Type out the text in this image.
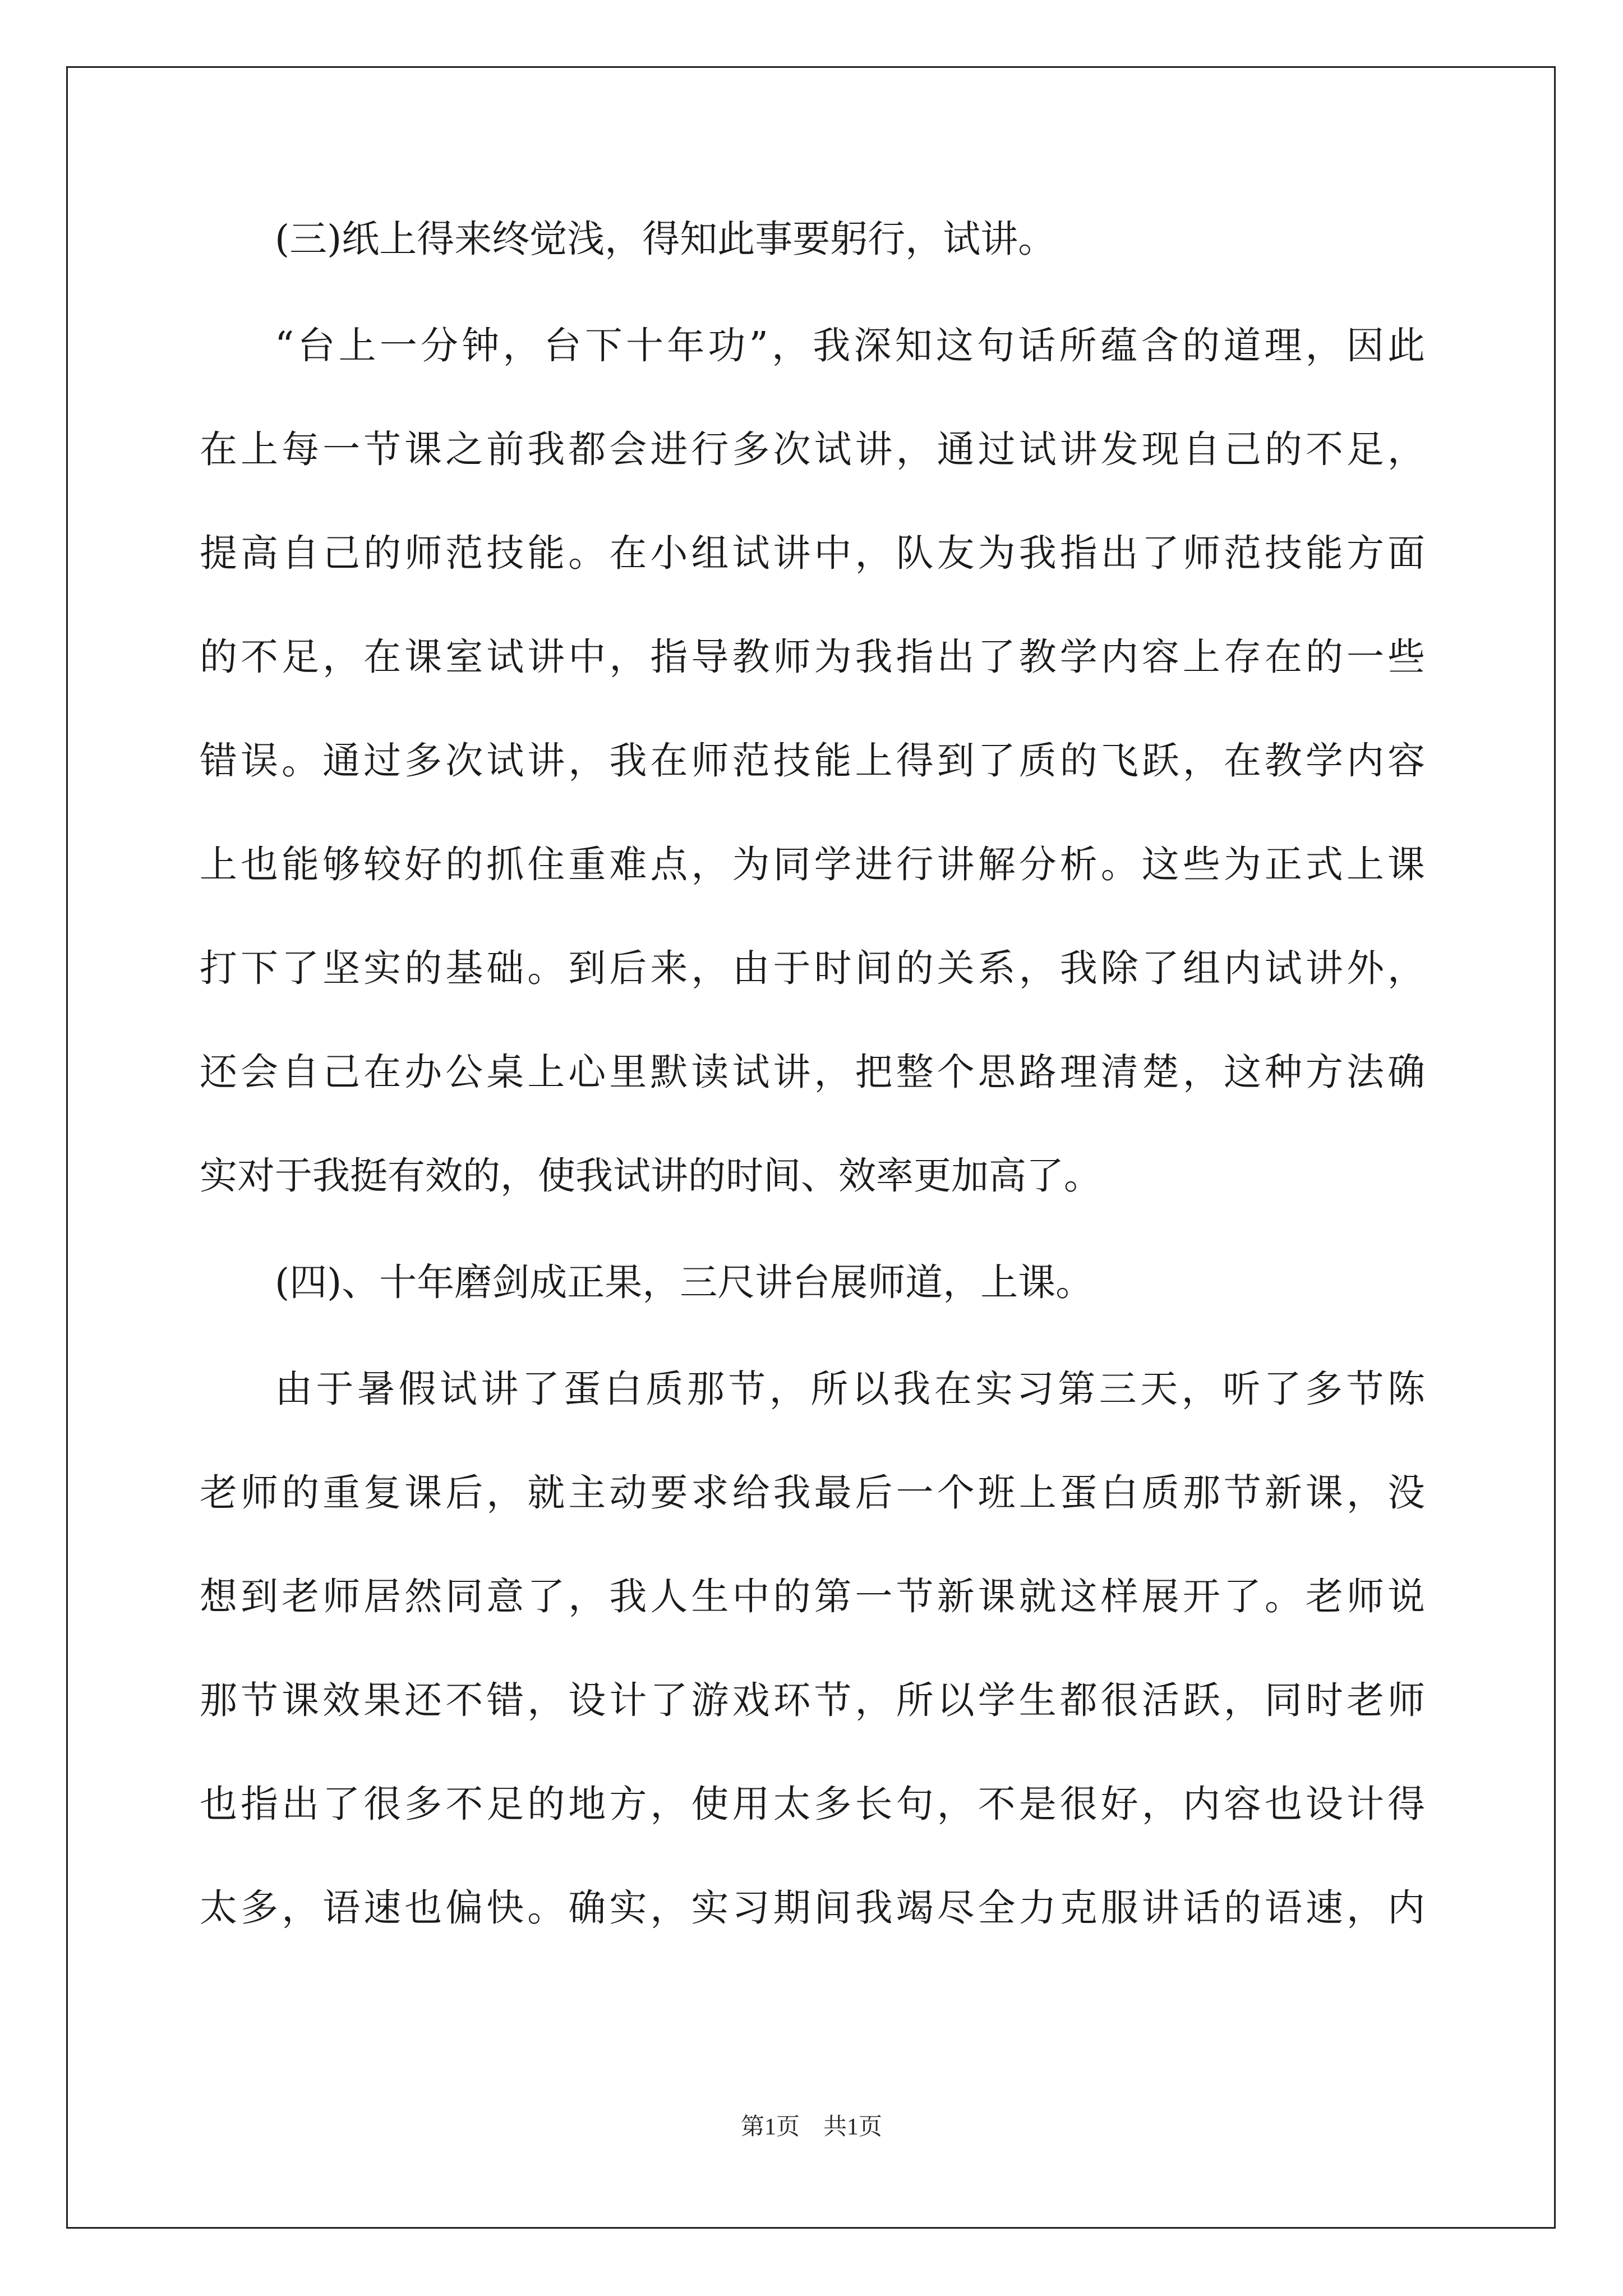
(三)纸上得来终觉浅，得知此事要躬行，试讲。
“台上一分钟，台下十年功”，我深知这句话所蕴含的道理，因此
在上每一节课之前我都会进行多次试讲，通过试讲发现自己的不足，
提高自己的师范技能。在小组试讲中，队友为我指出了师范技能方面
的不足，在课室试讲中，指导教师为我指出了教学内容上存在的一些
错误。通过多次试讲，我在师范技能上得到了质的飞跃，在教学内容
上也能够较好的抓住重难点，为同学进行讲解分析。这些为正式上课
打下了坚实的基础。到后来，由于时间的关系，我除了组内试讲外，
还会自己在办公桌上心里默读试讲，把整个思路理清楚，这种方法确
实对于我挺有效的，使我试讲的时间、效率更加高了。
(四)、十年磨剑成正果，三尺讲台展师道，上课。
由于暑假试讲了蛋白质那节，所以我在实习第三天，听了多节陈
老师的重复课后，就主动要求给我最后一个班上蛋白质那节新课，没
想到老师居然同意了，我人生中的第一节新课就这样展开了。老师说
那节课效果还不错，设计了游戏环节，所以学生都很活跃，同时老师
也指出了很多不足的地方，使用太多长句，不是很好，内容也设计得
太多，语速也偏快。确实，实习期间我竭尽全力克服讲话的语速，内
第1页　共1页
